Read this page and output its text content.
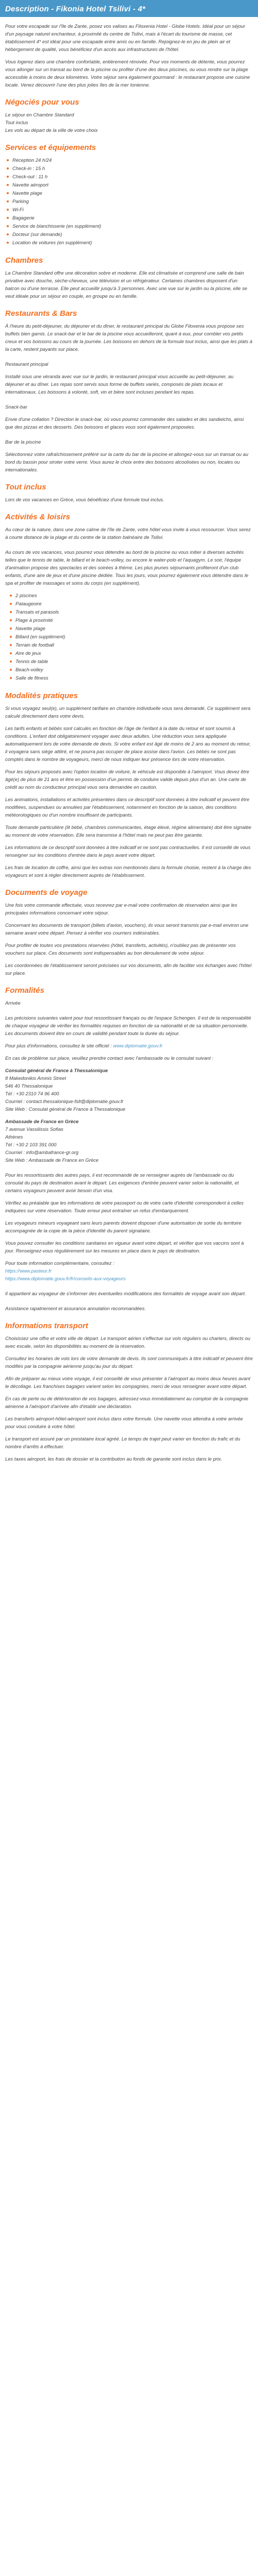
Description - Fikonia Hotel Tsilivi - 4*

Pour votre escapade sur l'île de Zante, posez vos valises au Filoxenia Hotel - Globe Hotels. Idéal pour un séjour d'un paysage naturel enchanteur, à proximité du centre de Tsilivi, mais à l'écart du tourisme de masse, cet établissement 4* est idéal pour une escapade entre amis ou en famille. Rejoignez-le en jeu de plein air et hébergement de qualité, vous bénéficiez d'un accès aux infrastructures de l'hôtel.

Vous logerez dans une chambre confortable, entièrement rénovée. Pour vos moments de détente, vous pourrez vous allonger sur un transat au bord de la piscine ou profiter d'une des deux piscines, ou vous rendre sur la plage accessible à moins de deux kilomètres. Votre séjour sera également gourmand : le restaurant propose une cuisine locale. Venez découvrir l'une des plus jolies îles de la mer Ionienne.

Négociés pour vous

Le séjour en Chambre Standard
Tout inclus
Les vols au départ de la ville de votre choix

Services et équipements
Réception 24 h/24
Check-in : 15 h
Check-out : 11 h
Navette aéroport
Navette plage
Parking
Wi-Fi
Bagagerie
Service de blanchisserie (en supplément)
Docteur (sur demande)
Location de voitures (en supplément)
Chambres

La Chambre Standard offre une décoration sobre et moderne. Elle est climatisée et comprend une salle de bain privative avec douche, sèche-cheveux, une télévision et un réfrigérateur. Certaines chambres disposent d'un balcon ou d'une terrasse. Elle peut accueillir jusqu'à 3 personnes. Avec une vue sur le jardin ou la piscine, elle se veut idéale pour un séjour en couple, en groupe ou en famille.

Restaurants & Bars

À l'heure du petit-déjeuner, du déjeuner et du dîner, le restaurant principal du Globe Filoxenia vous propose ses buffets bien garnis. Le snack-bar et le bar de la piscine vous accueilleront, quant à eux, pour combler vos petits creux et vos boissons au cours de la journée. Les boissons en dehors de la formule tout inclus, ainsi que les plats à la carte, restent payants sur place.

Restaurant principal

Installé sous une véranda avec vue sur le jardin, le restaurant principal vous accueille au petit-déjeuner, au déjeuner et au dîner. Les repas sont servis sous forme de buffets variés, composés de plats locaux et internationaux. Les boissons à volonté, soft, vin et bière sont incluses pendant les repas.

Snack-bar

Envie d'une collation ? Direction le snack-bar, où vous pourrez commander des salades et des sandwichs, ainsi que des pizzas et des desserts. Des boissons et glaces vous sont également proposées.

Bar de la piscine

Sélectionnez votre rafraîchissement préféré sur la carte du bar de la piscine et allongez-vous sur un transat ou au bord du bassin pour siroter votre verre. Vous aurez le choix entre des boissons alcoolisées ou non, locales ou internationales.

Tout inclus

Lors de vos vacances en Grèce, vous bénéficiez d'une formule tout inclus.

Activités & loisirs

Au cœur de la nature, dans une zone calme de l'île de Zante, votre hôtel vous invite à vous ressourcer. Vous serez à courte distance de la plage et du centre de la station balnéaire de Tsilivi.

Au cours de vos vacances, vous pourrez vous détendre au bord de la piscine ou vous initier à diverses activités telles que le tennis de table, le billard et le beach-volley, ou encore le water-polo et l'aquagym. Le soir, l'équipe d'animation propose des spectacles et des soirées à thème. Les plus jeunes séjournants profiteront d'un club enfants, d'une aire de jeux et d'une piscine dédiée. Tous les jours, vous pourrez également vous détendre dans le spa et profiter de massages et soins du corps (en supplément).

2 piscines
Pataugeoire
Transats et parasols
Plage à proximité
Navette plage
Billard (en supplément)
Terrain de football
Aire de jeux
Tennis de table
Beach-volley
Salle de fitness
Modalités pratiques

Si vous voyagez seul(e), un supplément tarifaire en chambre individuelle vous sera demandé. Ce supplément sera calculé directement dans votre devis.

Les tarifs enfants et bébés sont calculés en fonction de l'âge de l'enfant à la date du retour et sont soumis à conditions. L'enfant doit obligatoirement voyager avec deux adultes. Une réduction vous sera appliquée automatiquement lors de votre demande de devis. Si votre enfant est âgé de moins de 2 ans au moment du retour, il voyagera sans siège attitré, et ne pourra pas occuper de place assise dans l'avion. Les bébés ne sont pas comptés dans le nombre de voyageurs, merci de nous indiquer leur présence lors de votre réservation.

Pour les séjours proposés avec l'option location de voiture, le véhicule est disponible à l'aéroport. Vous devez être âgé(e) de plus de 21 ans et être en possession d'un permis de conduire valide depuis plus d'un an. Une carte de crédit au nom du conducteur principal vous sera demandée en caution.

Les animations, installations et activités présentées dans ce descriptif sont données à titre indicatif et peuvent être modifiées, suspendues ou annulées par l'établissement, notamment en fonction de la saison, des conditions météorologiques ou d'un nombre insuffisant de participants.

Toute demande particulière (lit bébé, chambres communicantes, étage élevé, régime alimentaire) doit être signalée au moment de votre réservation. Elle sera transmise à l'hôtel mais ne peut pas être garantie.

Les informations de ce descriptif sont données à titre indicatif et ne sont pas contractuelles. Il est conseillé de vous renseigner sur les conditions d'entrée dans le pays avant votre départ.

Les frais de location de coffre, ainsi que les extras non mentionnés dans la formule choisie, restent à la charge des voyageurs et sont à régler directement auprès de l'établissement.

Documents de voyage

Une fois votre commande effectuée, vous recevrez par e-mail votre confirmation de réservation ainsi que les principales informations concernant votre séjour.

Concernant les documents de transport (billets d'avion, vouchers), ils vous seront transmis par e-mail environ une semaine avant votre départ. Pensez à vérifier vos courriers indésirables.

Pour profiter de toutes vos prestations réservées (hôtel, transferts, activités), n'oubliez pas de présenter vos vouchers sur place. Ces documents sont indispensables au bon déroulement de votre séjour.

Les coordonnées de l'établissement seront précisées sur vos documents, afin de faciliter vos échanges avec l'hôtel sur place.

Formalités

Arrivée

Les précisions suivantes valent pour tout ressortissant français ou de l'espace Schengen. Il est de la responsabilité de chaque voyageur de vérifier les formalités requises en fonction de sa nationalité et de sa situation personnelle. Les documents doivent être en cours de validité pendant toute la durée du séjour.

Pour plus d'informations, consultez le site officiel : www.diplomatie.gouv.fr

En cas de problème sur place, veuillez prendre contact avec l'ambassade ou le consulat suivant :

Consulat général de France à Thessalonique
8 Makedonikis Aminis Street
546 40 Thessalonique
Tél : +30 2310 74 96 400
Courriel : contact.thessalonique-fslt@diplomatie.gouv.fr
Site Web : Consulat général de France à Thessalonique
Ambassade de France en Grèce
7 avenue Vassilissis Sofias
Athènes
Tél : +30 2 103 391 000
Courriel : info@ambafrance-gr.org
Site Web : Ambassade de France en Grèce

Pour les ressortissants des autres pays, il est recommandé de se renseigner auprès de l'ambassade ou du consulat du pays de destination avant le départ. Les exigences d'entrée peuvent varier selon la nationalité, et certains voyageurs peuvent avoir besoin d'un visa.

Vérifiez au préalable que les informations de votre passeport ou de votre carte d'identité correspondent à celles indiquées sur votre réservation. Toute erreur peut entraîner un refus d'embarquement.

Les voyageurs mineurs voyageant sans leurs parents doivent disposer d'une autorisation de sortie du territoire accompagnée de la copie de la pièce d'identité du parent signataire.

Vous pouvez consulter les conditions sanitaires en vigueur avant votre départ, et vérifier que vos vaccins sont à jour. Renseignez-vous régulièrement sur les mesures en place dans le pays de destination.

Pour toute information complémentaire, consultez :
https://www.pasteur.fr
https://www.diplomatie.gouv.fr/fr/conseils-aux-voyageurs

Il appartient au voyageur de s'informer des éventuelles modifications des formalités de voyage avant son départ.

Assistance rapatriement et assurance annulation recommandées.

Informations transport

Choisissez une offre et votre ville de départ. Le transport aérien s'effectue sur vols réguliers ou charters, directs ou avec escale, selon les disponibilités au moment de la réservation.

Consultez les horaires de vols lors de votre demande de devis. Ils sont communiqués à titre indicatif et peuvent être modifiés par la compagnie aérienne jusqu'au jour du départ.

Afin de préparer au mieux votre voyage, il est conseillé de vous présenter à l'aéroport au moins deux heures avant le décollage. Les franchises bagages varient selon les compagnies, merci de vous renseigner avant votre départ.

En cas de perte ou de détérioration de vos bagages, adressez-vous immédiatement au comptoir de la compagnie aérienne à l'aéroport d'arrivée afin d'établir une déclaration.

Les transferts aéroport-hôtel-aéroport sont inclus dans votre formule. Une navette vous attendra à votre arrivée pour vous conduire à votre hôtel.

Le transport est assuré par un prestataire local agréé. Le temps de trajet peut varier en fonction du trafic et du nombre d'arrêts à effectuer.

Les taxes aéroport, les frais de dossier et la contribution au fonds de garantie sont inclus dans le prix.
